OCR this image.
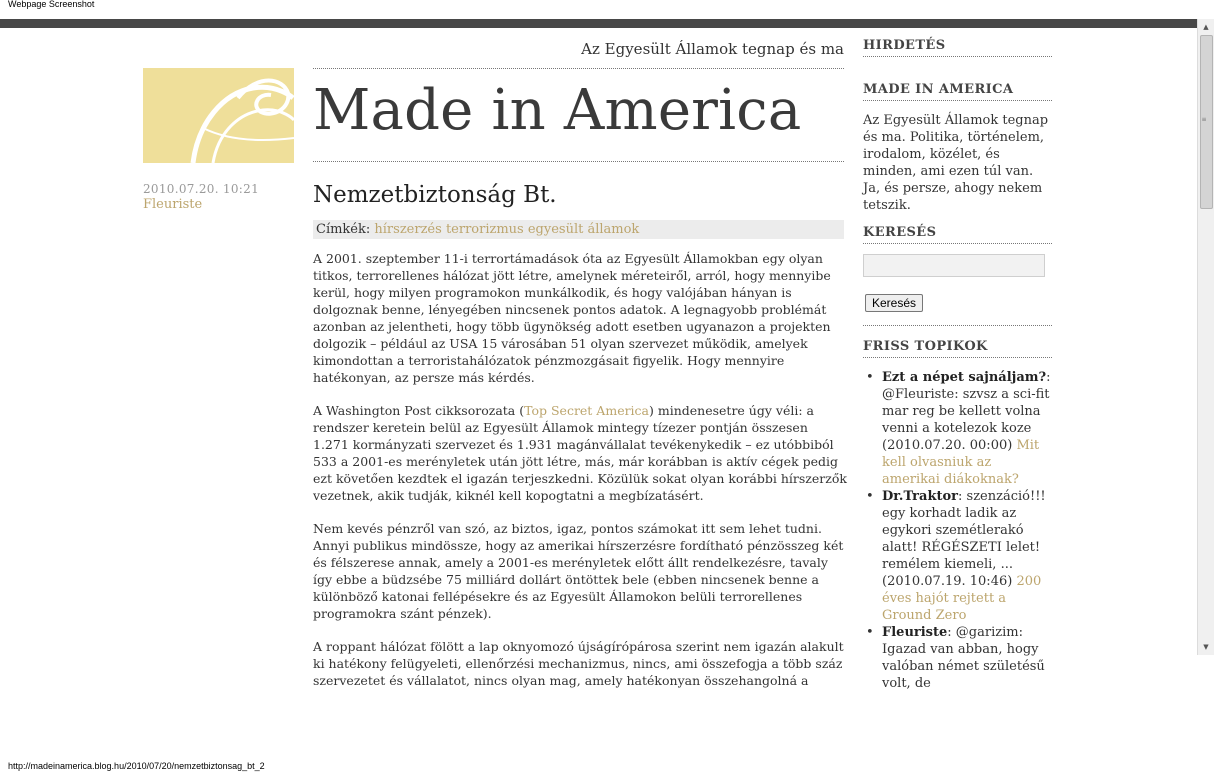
Webpage Screenshot
2010.07.20. 10:21
Fleuriste
Az Egyesült Államok tegnap és ma
Made in America
Nemzetbiztonság Bt.
Címkék: hírszerzés terrorizmus egyesült államok

A 2001. szeptember 11-i terrortámadások óta az Egyesült Államokban egy olyan titkos, terrorellenes hálózat jött létre, amelynek méreteiről, arról, hogy mennyibe kerül, hogy milyen programokon munkálkodik, és hogy valójában hányan is dolgoznak benne, lényegében nincsenek pontos adatok. A legnagyobb problémát azonban az jelentheti, hogy több ügynökség adott esetben ugyanazon a projekten dolgozik – például az USA 15 városában 51 olyan szervezet működik, amelyek kimondottan a terroristahálózatok pénzmozgásait figyelik. Hogy mennyire hatékonyan, az persze más kérdés.

A Washington Post cikksorozata (Top Secret America) mindenesetre úgy véli: a rendszer keretein belül az Egyesült Államok mintegy tízezer pontján összesen 1.271 kormányzati szervezet és 1.931 magánvállalat tevékenykedik – ez utóbbiból 533 a 2001-es merényletek után jött létre, más, már korábban is aktív cégek pedig ezt követően kezdtek el igazán terjeszkedni. Közülük sokat olyan korábbi hírszerzők vezetnek, akik tudják, kiknél kell kopogtatni a megbízatásért.

Nem kevés pénzről van szó, az biztos, igaz, pontos számokat itt sem lehet tudni. Annyi publikus mindössze, hogy az amerikai hírszerzésre fordítható pénzösszeg két és félszerese annak, amely a 2001-es merényletek előtt állt rendelkezésre, tavaly így ebbe a büdzsébe 75 milliárd dollárt öntöttek bele (ebben nincsenek benne a különböző katonai fellépésekre és az Egyesült Államokon belüli terrorellenes programokra szánt pénzek).

A roppant hálózat fölött a lap oknyomozó újságírópárosa szerint nem igazán alakult ki hatékony felügyeleti, ellenőrzési mechanizmus, nincs, ami összefogja a több száz szervezetet és vállalatot, nincs olyan mag, amely hatékonyan összehangolná a

HIRDETÉS
MADE IN AMERICA
Az Egyesült Államok tegnap és ma. Politika, történelem, irodalom, közélet, és minden, ami ezen túl van. Ja, és persze, ahogy nekem tetszik.
KERESÉS
Keresés
FRISS TOPIKOK
• Ezt a népet sajnáljam?: @Fleuriste: szvsz a sci-fit mar reg be kellett volna venni a kotelezok koze (2010.07.20. 00:00) Mit kell olvasniuk az amerikai diákoknak?
• Dr.Traktor: szenzáció!!! egy korhadt ladik az egykori szemétlerakó alatt! RÉGÉSZETI lelet! remélem kiemeli, ... (2010.07.19. 10:46) 200 éves hajót rejtett a Ground Zero
• Fleuriste: @garizim: Igazad van abban, hogy valóban német születésű volt, de
▲
≡
▼
http://madeinamerica.blog.hu/2010/07/20/nemzetbiztonsag_bt_2
